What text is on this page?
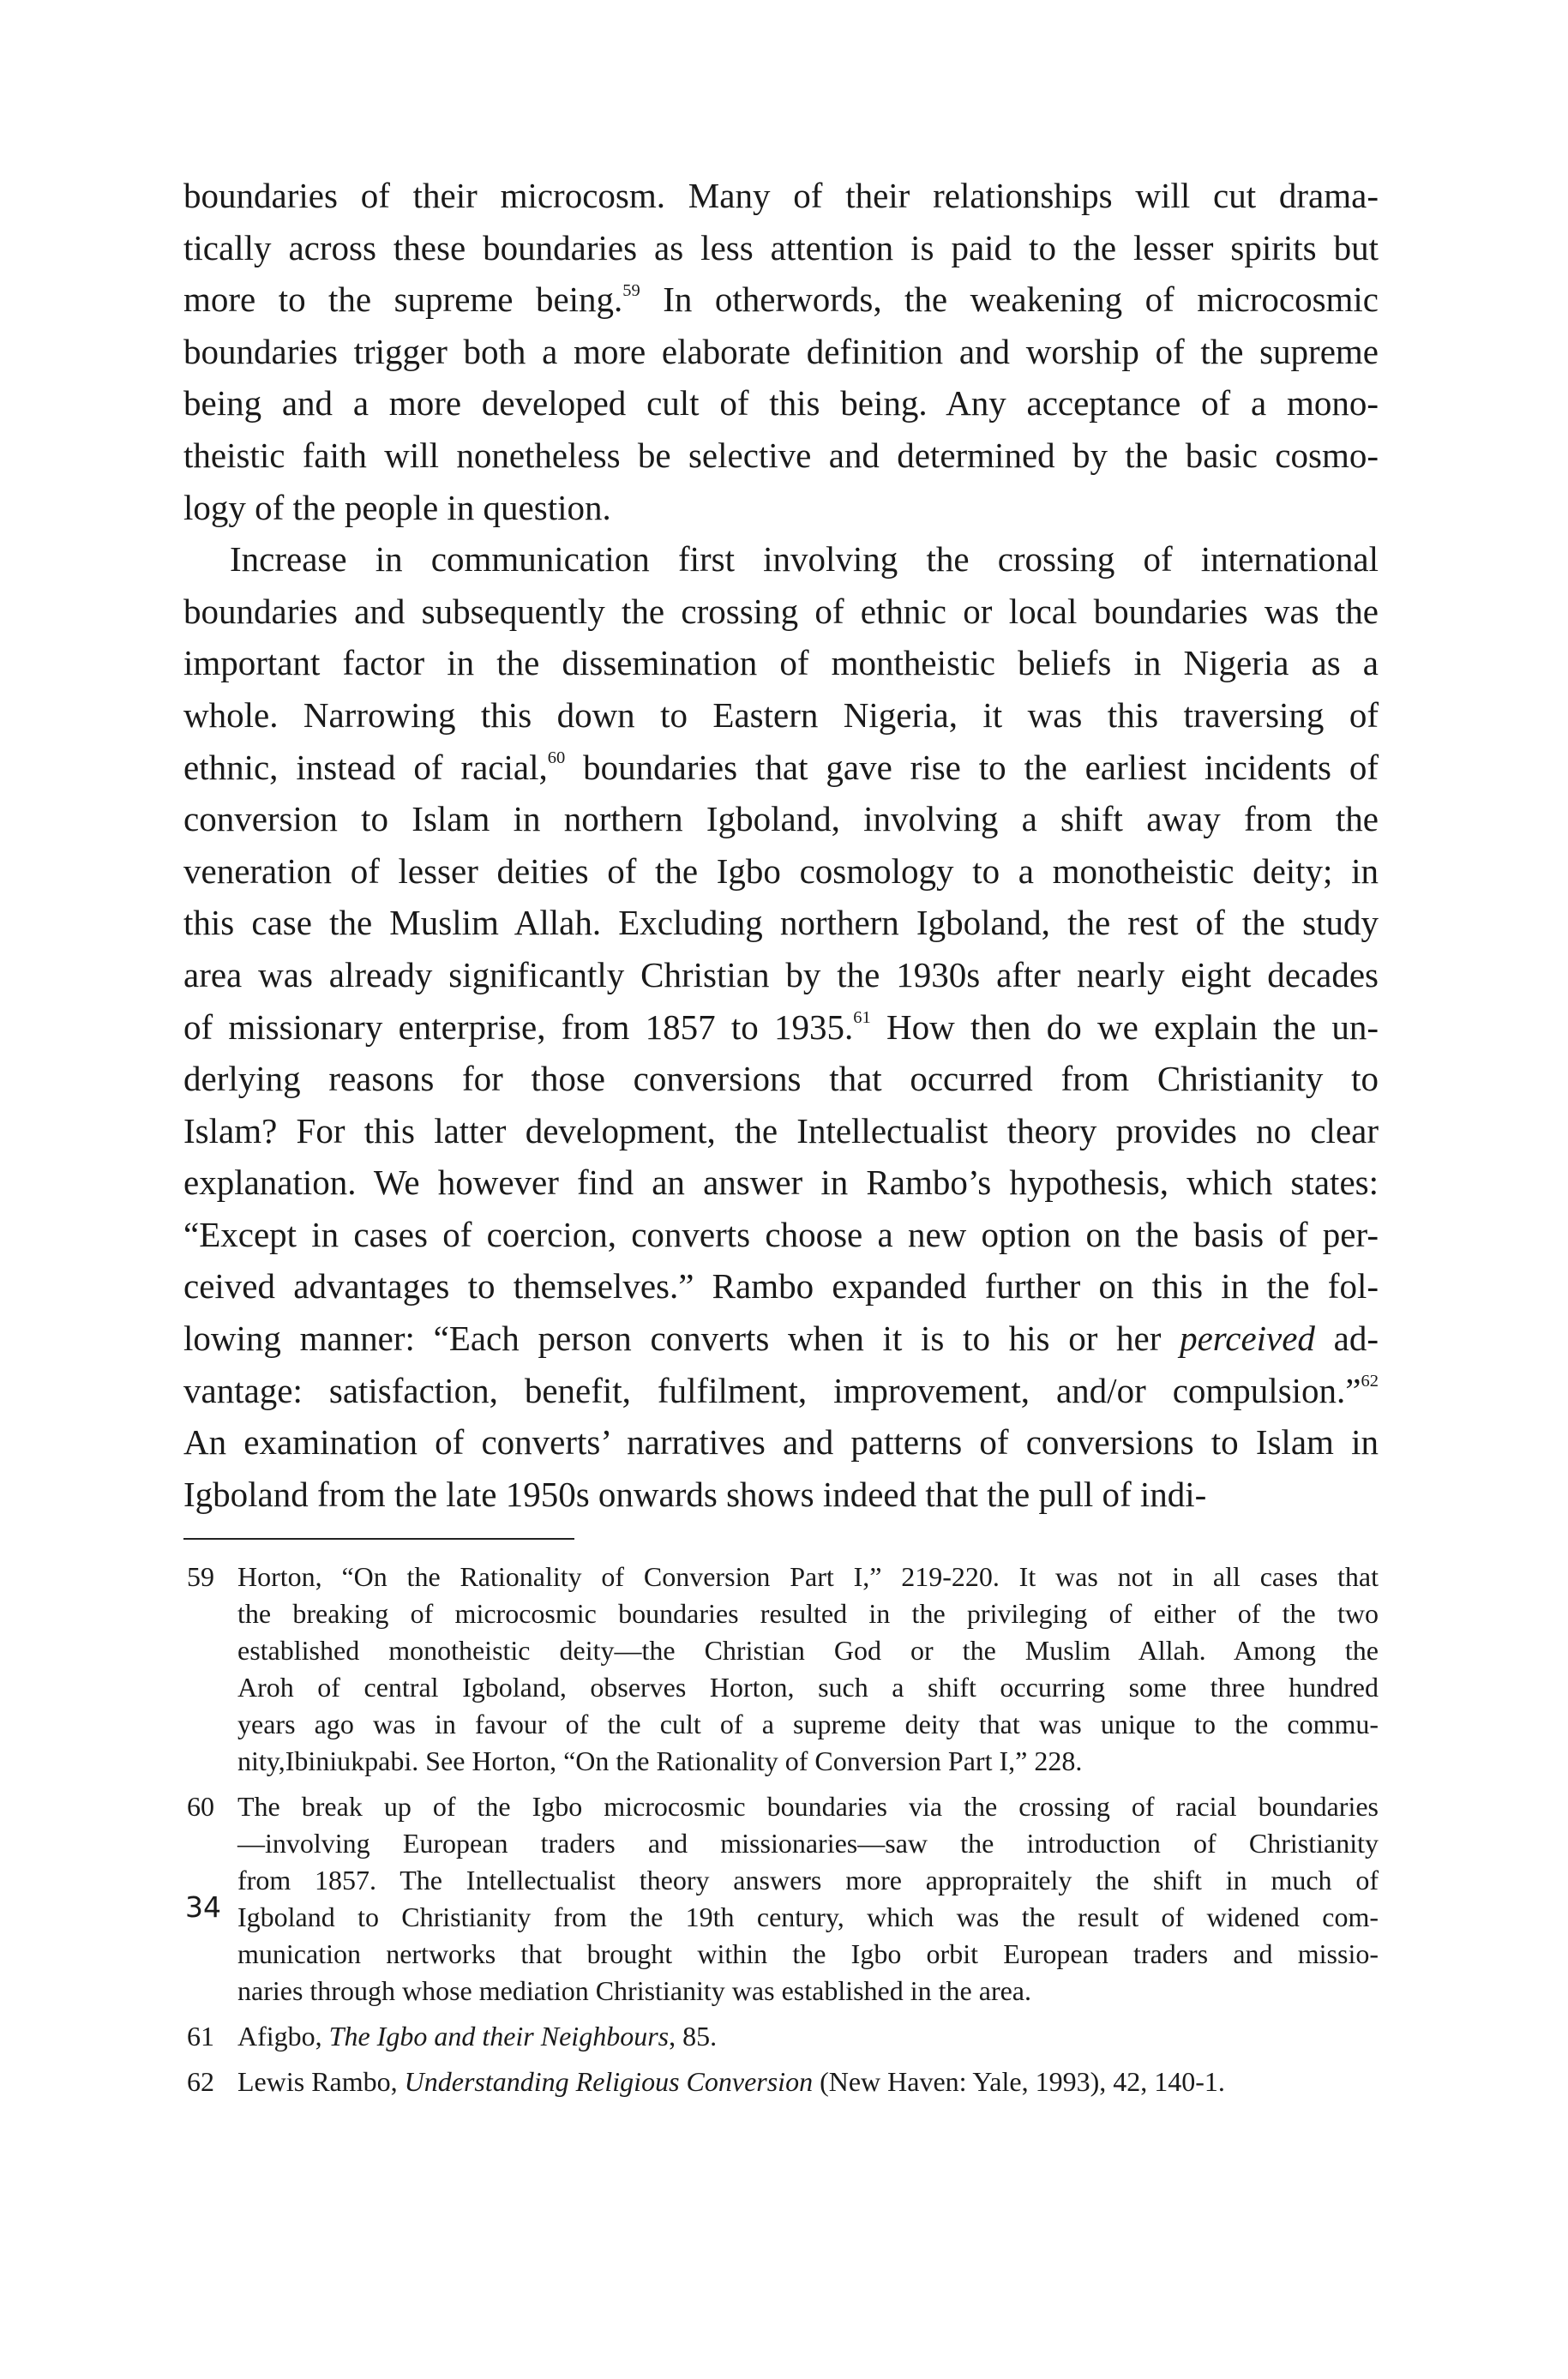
boundaries of their microcosm. Many of their relationships will cut drama-
tically across these boundaries as less attention is paid to the lesser spirits but
more to the supreme being.$^{59}$ In otherwords, the weakening of microcosmic
boundaries trigger both a more elaborate definition and worship of the supreme
being and a more developed cult of this being. Any acceptance of a mono-
theistic faith will nonetheless be selective and determined by the basic cosmo-
logy of the people in question.
Increase in communication first involving the crossing of international
boundaries and subsequently the crossing of ethnic or local boundaries was the
important factor in the dissemination of montheistic beliefs in Nigeria as a
whole. Narrowing this down to Eastern Nigeria, it was this traversing of
ethnic, instead of racial,$^{60}$ boundaries that gave rise to the earliest incidents of
conversion to Islam in northern Igboland, involving a shift away from the
veneration of lesser deities of the Igbo cosmology to a monotheistic deity; in
this case the Muslim Allah. Excluding northern Igboland, the rest of the study
area was already significantly Christian by the 1930s after nearly eight decades
of missionary enterprise, from 1857 to 1935.61 How then do we explain the un-
derlying reasons for those conversions that occurred from Christianity to
Islam? For this latter development, the Intellectualist theory provides no clear
explanation. We however find an answer in Rambo’s hypothesis, which states:
“Except in cases of coercion, converts choose a new option on the basis of per-
ceived advantages to themselves.” Rambo expanded further on this in the fol-
lowing manner: “Each person converts when it is to his or her perceived ad-
vantage: satisfaction, benefit, fulfilment, improvement, and/or compulsion.”$^{62}$
An examination of converts’ narratives and patterns of conversions to Islam in
Igboland from the late 1950s onwards shows indeed that the pull of indi-
59 Horton, “On the Rationality of Conversion Part I,” 219-220. It was not in all cases that
the breaking of microcosmic boundaries resulted in the privileging of either of the two
established monotheistic deity—the Christian God or the Muslim Allah. Among the
Aroh of central Igboland, observes Horton, such a shift occurring some three hundred
years ago was in favour of the cult of a supreme deity that was unique to the commu-
nity,Ibiniukpabi. See Horton, “On the Rationality of Conversion Part I,” 228.
60 The break up of the Igbo microcosmic boundaries via the crossing of racial boundaries
—involving European traders and missionaries—saw the introduction of Christianity
from 1857. The Intellectualist theory answers more appropraitely the shift in much of
Igboland to Christianity from the 19th century, which was the result of widened com-
munication nertworks that brought within the Igbo orbit European traders and missio-
naries through whose mediation Christianity was established in the area.
61 Afigbo, The Igbo and their Neighbours, 85.
62 Lewis Rambo, Understanding Religious Conversion (New Haven: Yale, 1993), 42, 140-1.
34
